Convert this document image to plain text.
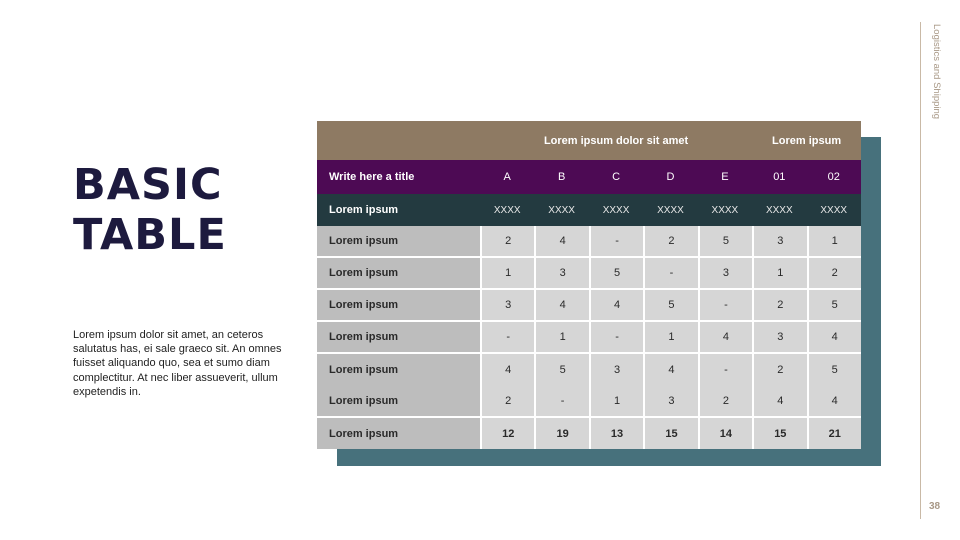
BASIC
TABLE
Lorem ipsum dolor sit amet, an ceteros salutatus has, ei sale graeco sit. An omnes fuisset aliquando quo, sea et sumo diam complectitur. At nec liber assueverit, ullum expetendis in.
Lorem ipsum dolor sit amet	Lorem ipsum
Write here a title	A	B	C	D	E	01	02
Lorem ipsum	XXXX	XXXX	XXXX	XXXX	XXXX	XXXX	XXXX
Lorem ipsum	2	4	-	2	5	3	1
Lorem ipsum	1	3	5	-	3	1	2
Lorem ipsum	3	4	4	5	-	2	5
Lorem ipsum	-	1	-	1	4	3	4
Lorem ipsum	4	5	3	4	-	2	5
Lorem ipsum	2	-	1	3	2	4	4
Lorem ipsum	12	19	13	15	14	15	21
Logistics and Shipping
38
